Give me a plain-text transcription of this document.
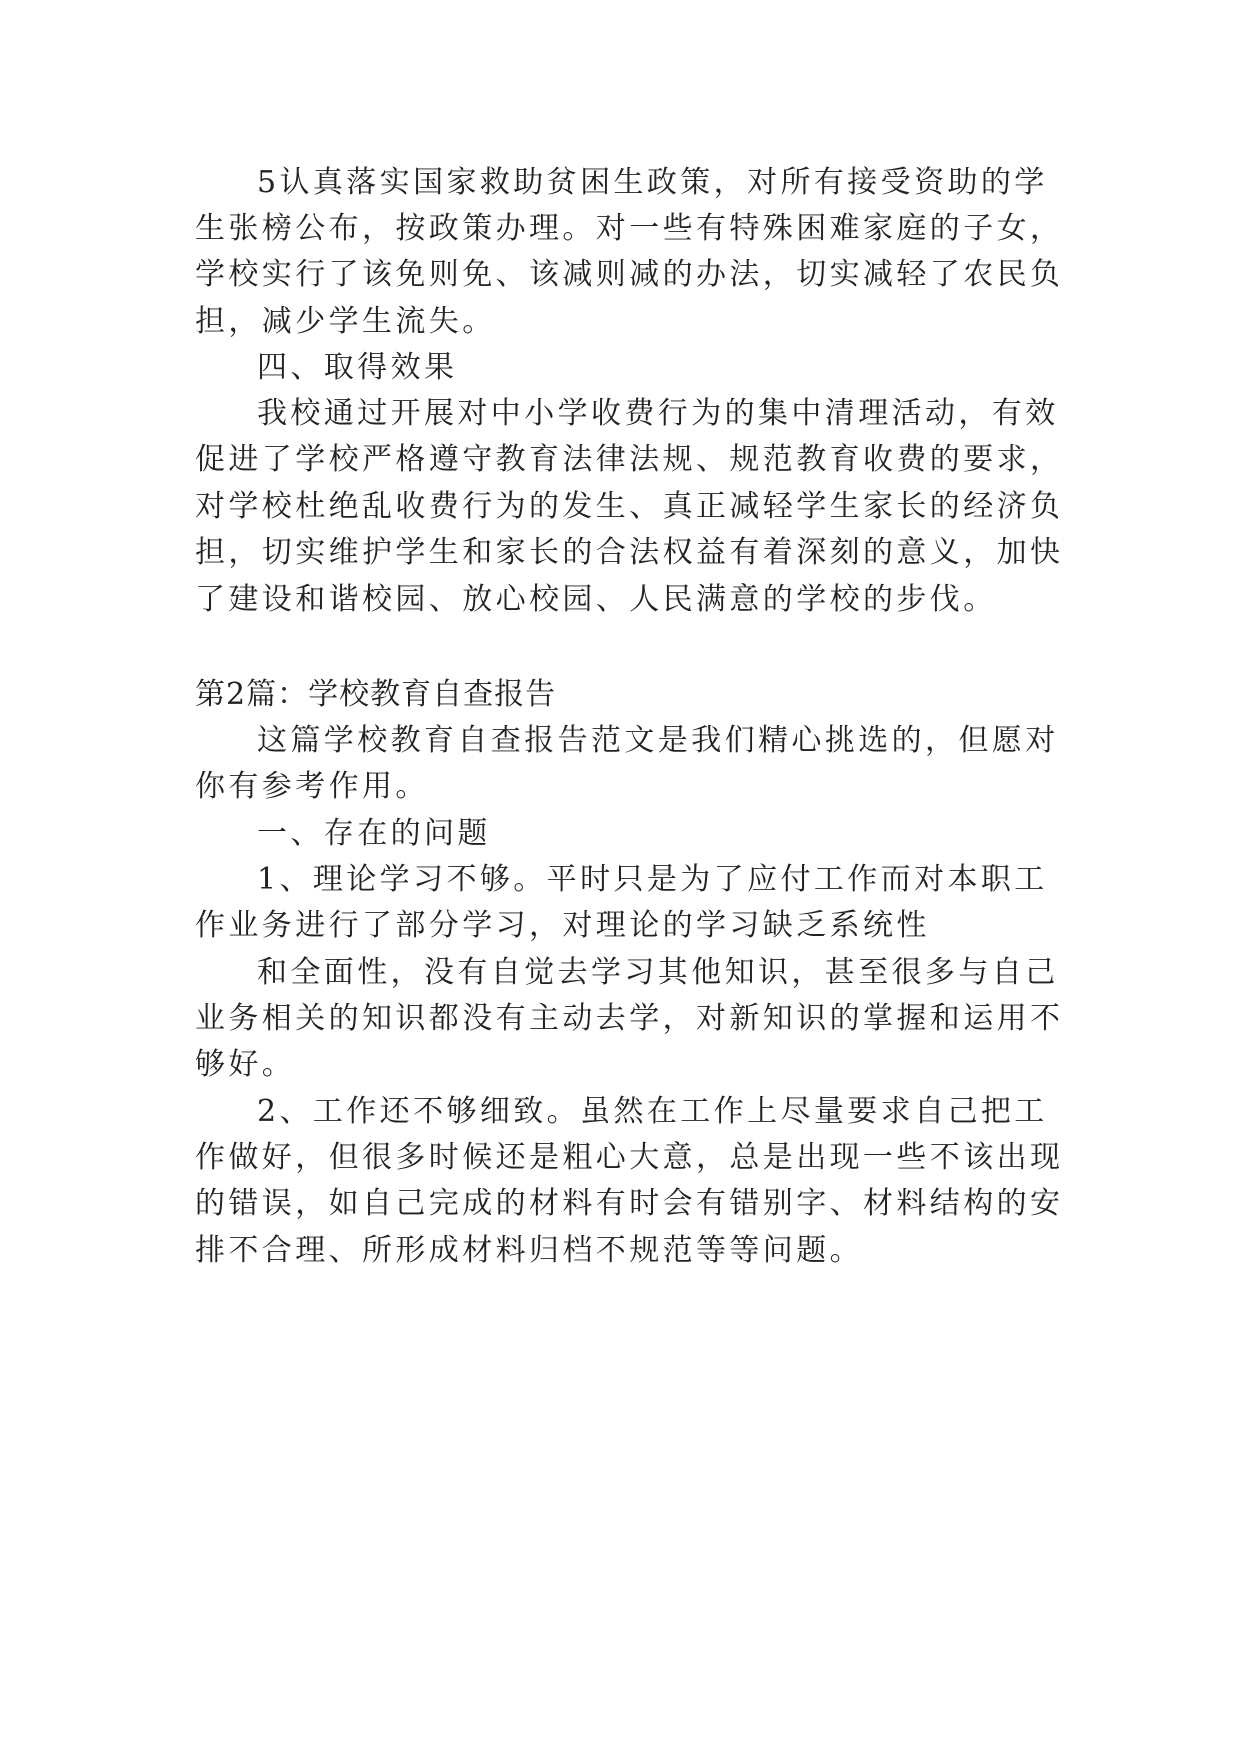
5认真落实国家救助贫困生政策，对所有接受资助的学
生张榜公布，按政策办理。对一些有特殊困难家庭的子女，
学校实行了该免则免、该减则减的办法，切实减轻了农民负
担，减少学生流失。
四、取得效果
我校通过开展对中小学收费行为的集中清理活动，有效
促进了学校严格遵守教育法律法规、规范教育收费的要求，
对学校杜绝乱收费行为的发生、真正减轻学生家长的经济负
担，切实维护学生和家长的合法权益有着深刻的意义，加快
了建设和谐校园、放心校园、人民满意的学校的步伐。
第2篇：学校教育自查报告
这篇学校教育自查报告范文是我们精心挑选的，但愿对
你有参考作用。
一、存在的问题
1、理论学习不够。平时只是为了应付工作而对本职工
作业务进行了部分学习，对理论的学习缺乏系统性
和全面性，没有自觉去学习其他知识，甚至很多与自己
业务相关的知识都没有主动去学，对新知识的掌握和运用不
够好。
2、工作还不够细致。虽然在工作上尽量要求自己把工
作做好，但很多时候还是粗心大意，总是出现一些不该出现
的错误，如自己完成的材料有时会有错别字、材料结构的安
排不合理、所形成材料归档不规范等等问题。
